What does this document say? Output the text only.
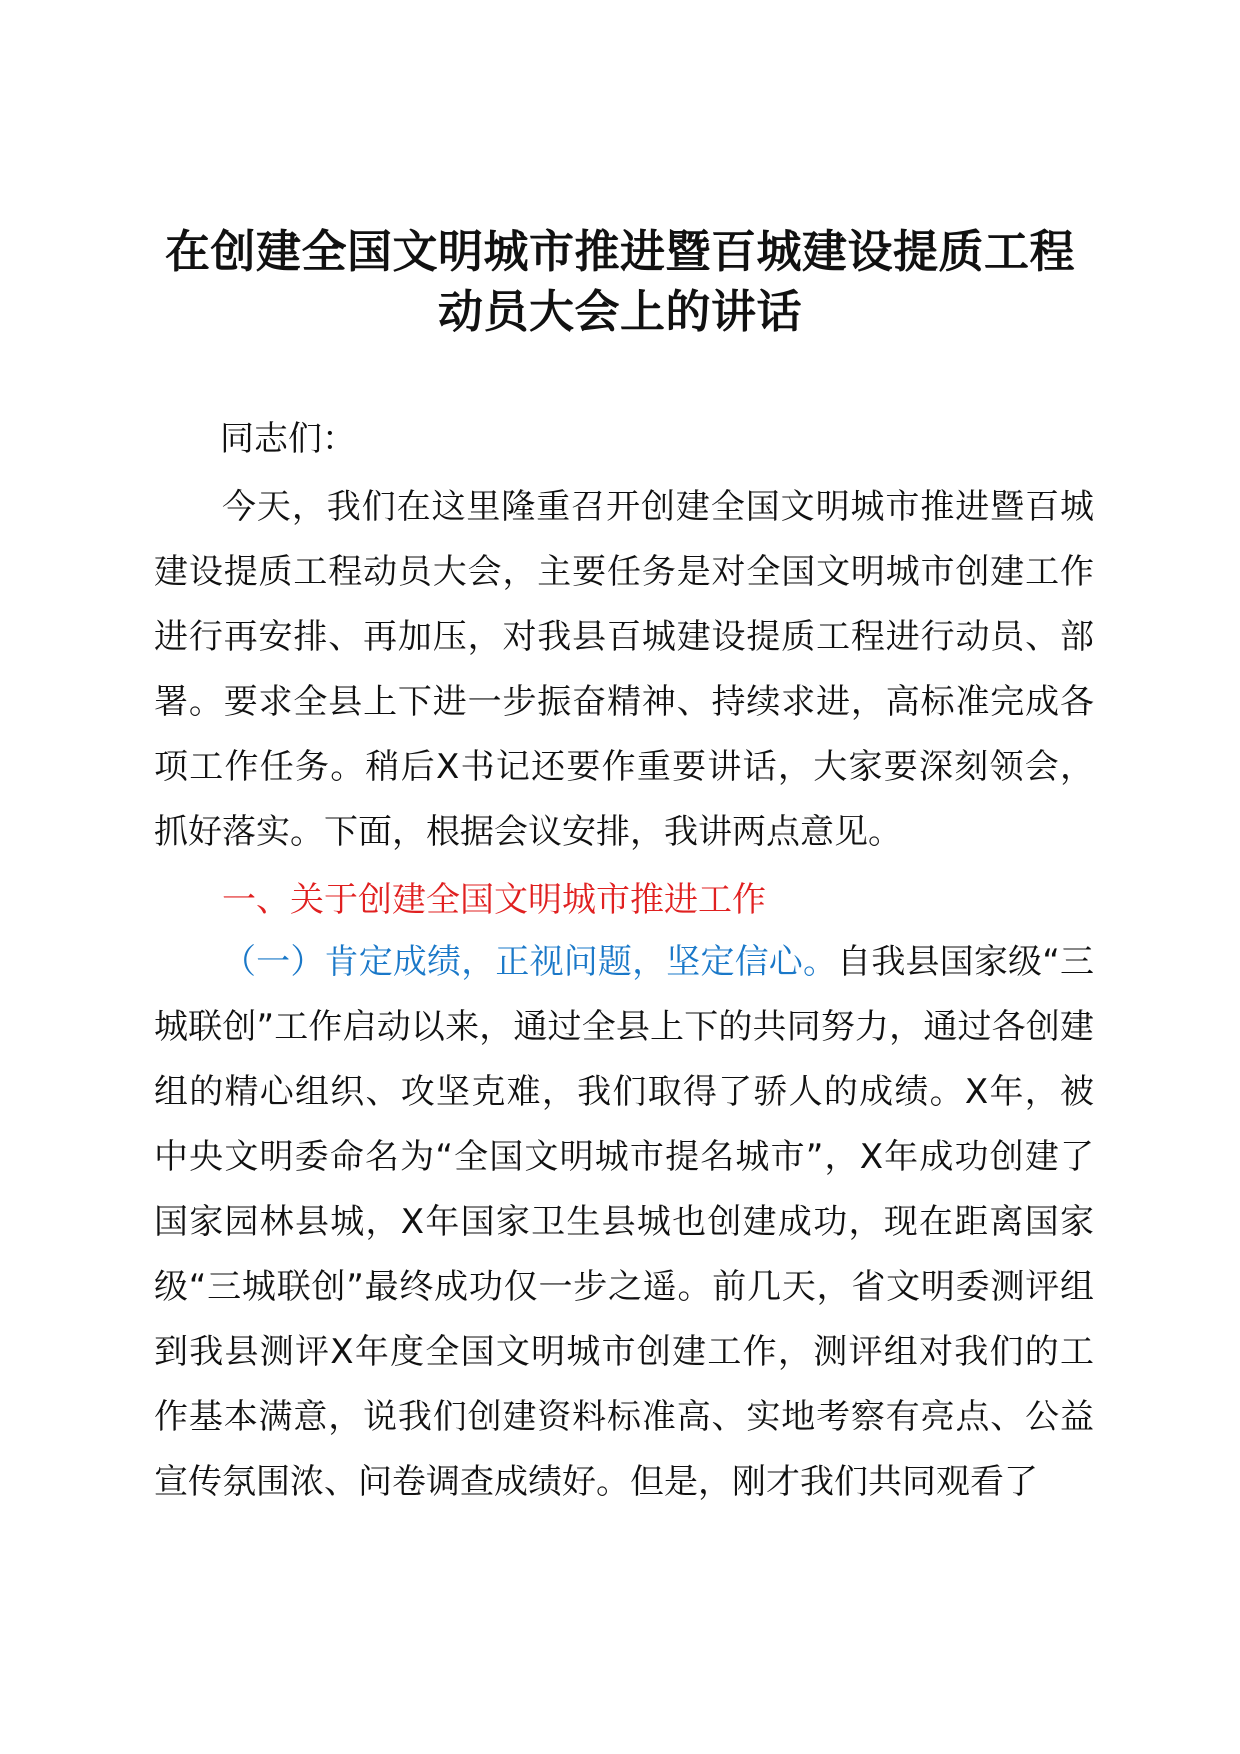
在创建全国文明城市推进暨百城建设提质工程
动员大会上的讲话
同志们：
今天，我们在这里隆重召开创建全国文明城市推进暨百城建设提质工程动员大会，主要任务是对全国文明城市创建工作进行再安排、再加压，对我县百城建设提质工程进行动员、部署。要求全县上下进一步振奋精神、持续求进，高标准完成各项工作任务。稍后X书记还要作重要讲话，大家要深刻领会，抓好落实。下面，根据会议安排，我讲两点意见。
一、关于创建全国文明城市推进工作
（一）肯定成绩，正视问题，坚定信心。自我县国家级“三城联创”工作启动以来，通过全县上下的共同努力，通过各创建组的精心组织、攻坚克难，我们取得了骄人的成绩。X年，被中央文明委命名为“全国文明城市提名城市”，X年成功创建了国家园林县城，X年国家卫生县城也创建成功，现在距离国家级“三城联创”最终成功仅一步之遥。前几天，省文明委测评组到我县测评X年度全国文明城市创建工作，测评组对我们的工作基本满意，说我们创建资料标准高、实地考察有亮点、公益宣传氛围浓、问卷调查成绩好。但是，刚才我们共同观看了
